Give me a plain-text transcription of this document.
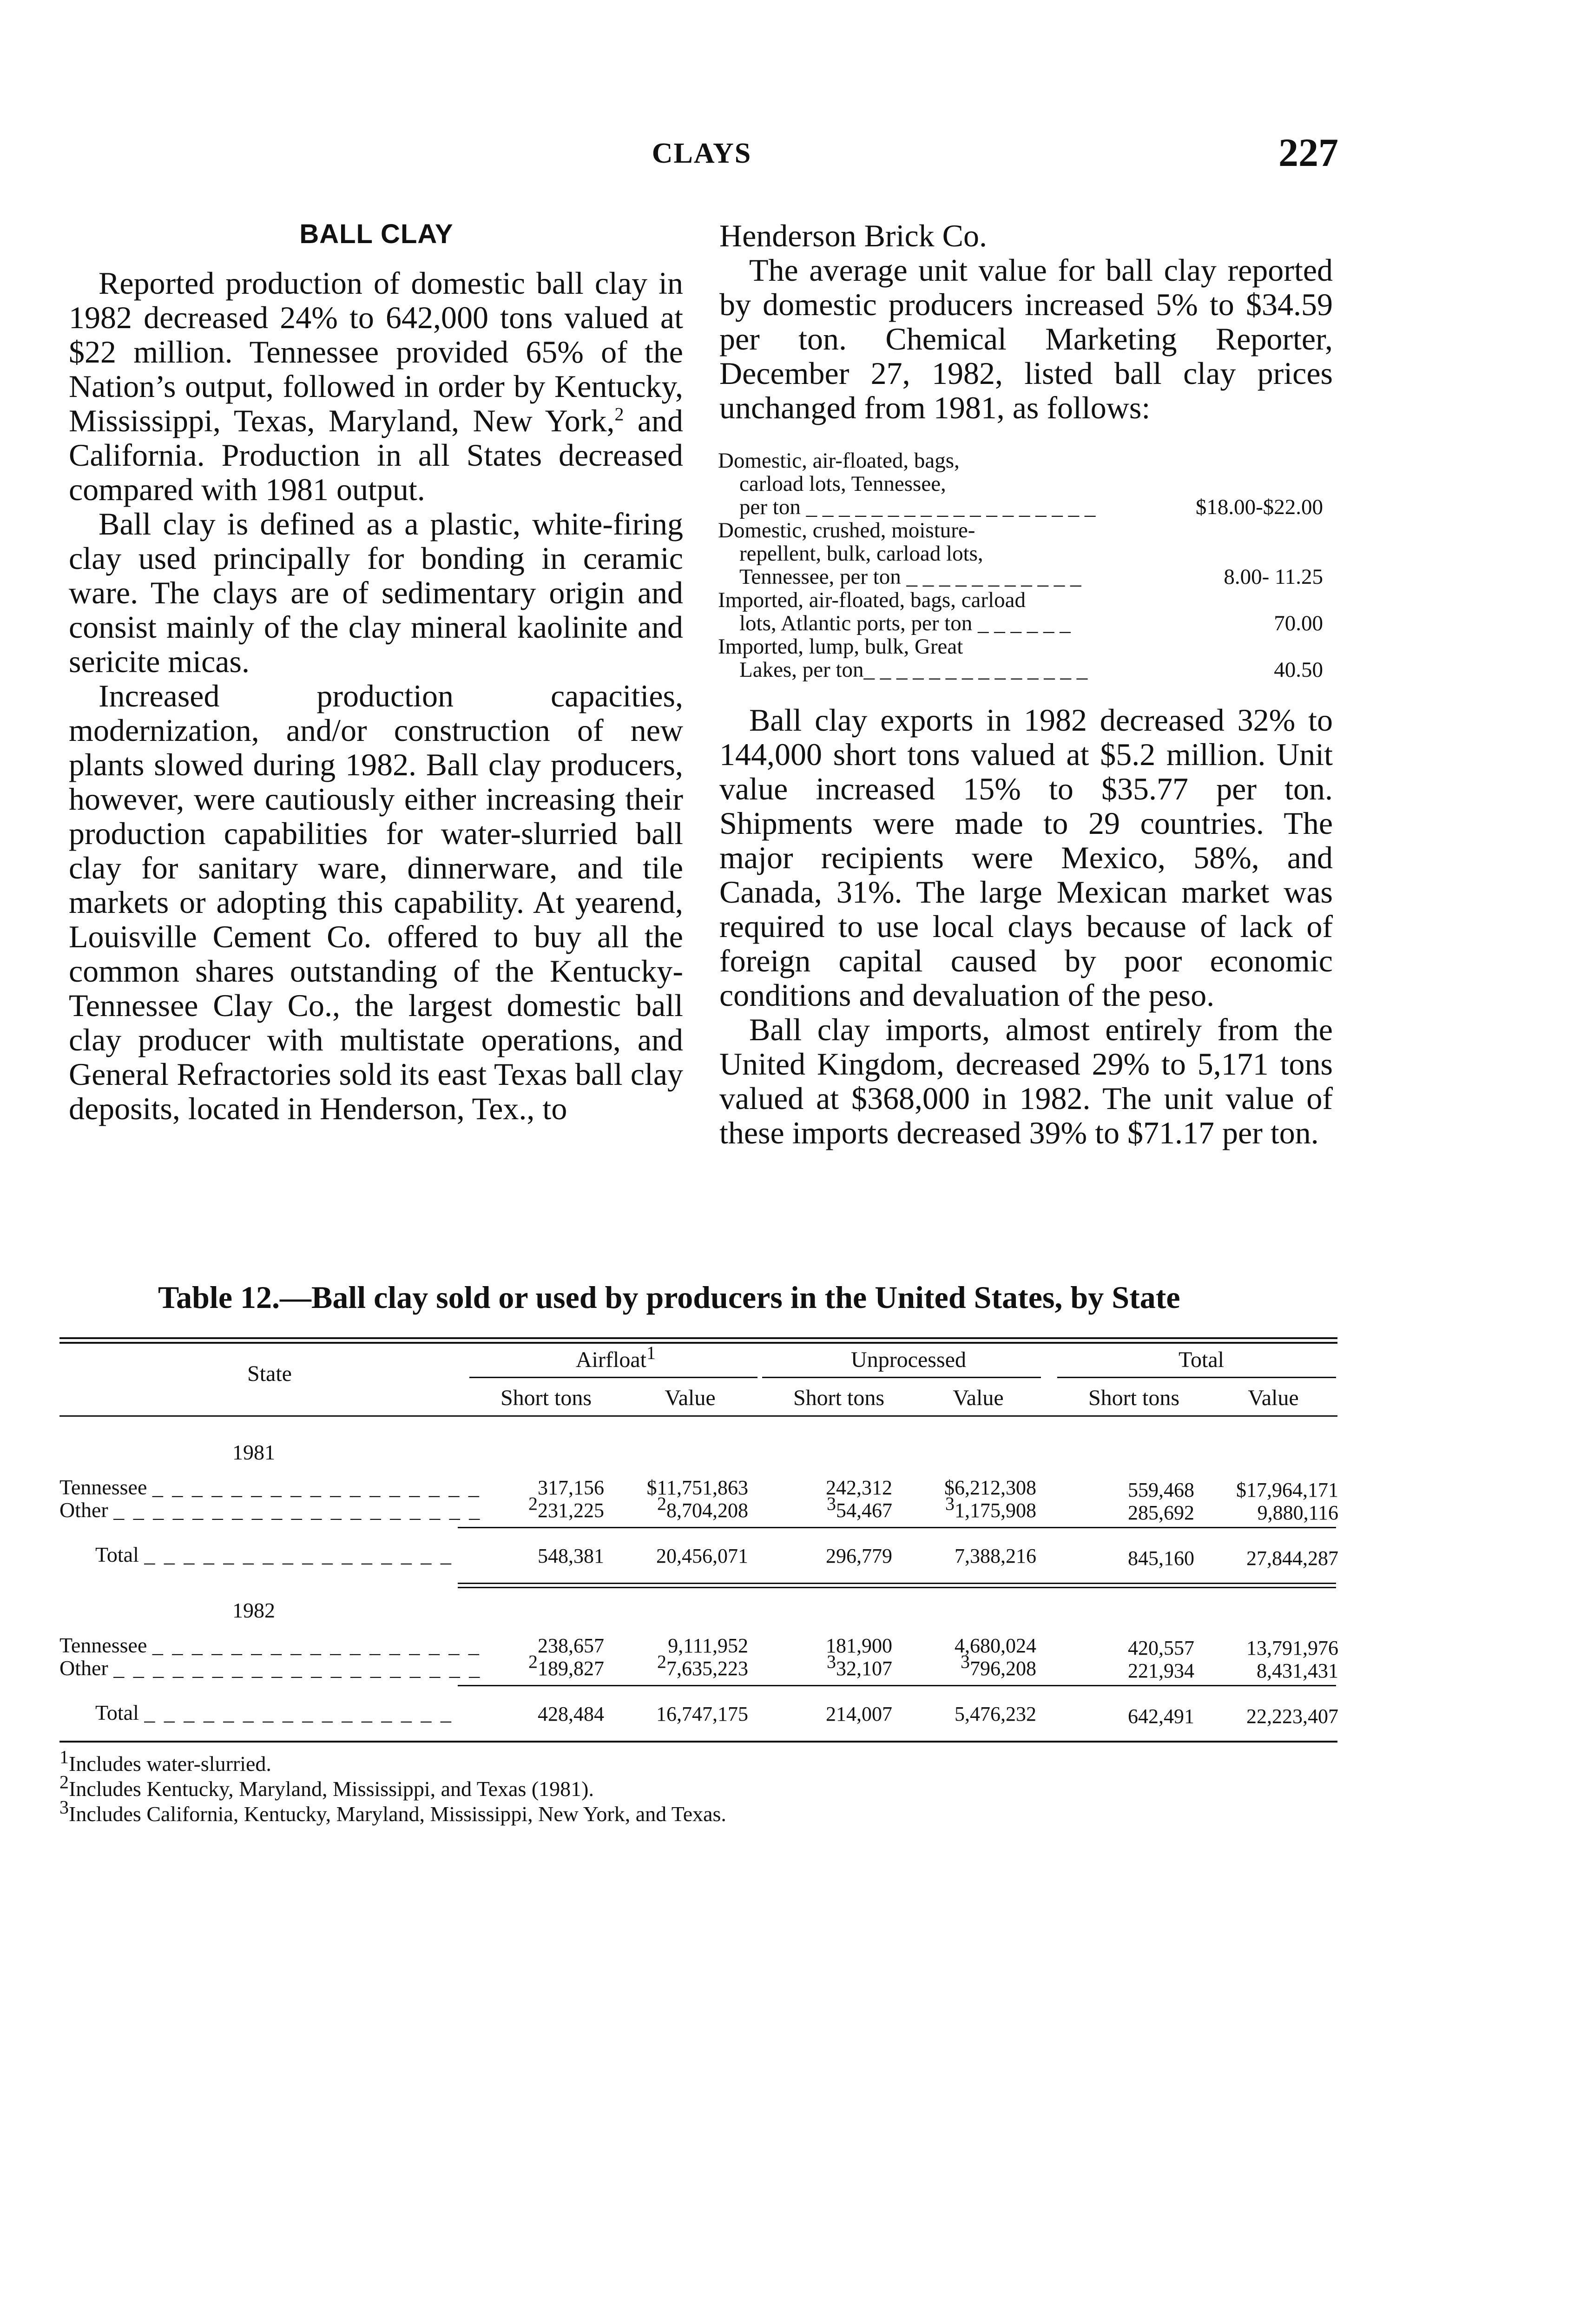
CLAYS	227
BALL CLAY

Reported production of domestic ball clay in 1982 decreased 24% to 642,000 tons valued at $22 million. Tennessee provided 65% of the Nation’s output, followed in order by Kentucky, Mississippi, Texas, Maryland, New York,$^2$ and California. Production in all States decreased compared with 1981 output.

Ball clay is defined as a plastic, white-firing clay used principally for bonding in ceramic ware. The clays are of sedimentary origin and consist mainly of the clay mineral kaolinite and sericite micas.

Increased production capacities, modernization, and/or construction of new plants slowed during 1982. Ball clay producers, however, were cautiously either increasing their production capabilities for water-slurried ball clay for sanitary ware, dinnerware, and tile markets or adopting this capability. At yearend, Louisville Cement Co. offered to buy all the common shares outstanding of the Kentucky-Tennessee Clay Co., the largest domestic ball clay producer with multistate operations, and General Refractories sold its east Texas ball clay deposits, located in Henderson, Tex., to

Henderson Brick Co.

The average unit value for ball clay reported by domestic producers increased 5% to $34.59 per ton. Chemical Marketing Reporter, December 27, 1982, listed ball clay prices unchanged from 1981, as follows:

Domestic, air-floated, bags,
carload lots, Tennessee,
per ton _ _ _ _ _ _ _ _ _ _ _ _ _ _ _ _ _ _	$18.00-$22.00
Domestic, crushed, moisture-
repellent, bulk, carload lots,
Tennessee, per ton _ _ _ _ _ _ _ _ _ _ _	8.00- 11.25
Imported, air-floated, bags, carload
lots, Atlantic ports, per ton _ _ _ _ _ _	70.00
Imported, lump, bulk, Great
Lakes, per ton_ _ _ _ _ _ _ _ _ _ _ _ _ _	40.50

Ball clay exports in 1982 decreased 32% to 144,000 short tons valued at $5.2 million. Unit value increased 15% to $35.77 per ton. Shipments were made to 29 countries. The major recipients were Mexico, 58%, and Canada, 31%. The large Mexican market was required to use local clays because of lack of foreign capital caused by poor economic conditions and devaluation of the peso.

Ball clay imports, almost entirely from the United Kingdom, decreased 29% to 5,171 tons valued at $368,000 in 1982. The unit value of these imports decreased 39% to $71.17 per ton.

Table 12.—Ball clay sold or used by producers in the United States, by State
State
Airfloat$^1$	Unprocessed	Total
Short tons	Value	Short tons	Value	Short tons	Value
1981
Tennessee _ _ _ _ _ _ _ _ _ _ _ _ _ _ _ _ _	317,156	$11,751,863	242,312	$6,212,308	559,468	$17,964,171
Other _ _ _ _ _ _ _ _ _ _ _ _ _ _ _ _ _ _ _	$^2$231,225	$^2$8,704,208	$^3$54,467	$^3$1,175,908	285,692	9,880,116
Total _ _ _ _ _ _ _ _ _ _ _ _ _ _ _ _	548,381	20,456,071	296,779	7,388,216	845,160	27,844,287
1982
Tennessee _ _ _ _ _ _ _ _ _ _ _ _ _ _ _ _ _	238,657	9,111,952	181,900	4,680,024	420,557	13,791,976
Other _ _ _ _ _ _ _ _ _ _ _ _ _ _ _ _ _ _ _	$^2$189,827	$^2$7,635,223	$^3$32,107	$^3$796,208	221,934	8,431,431
Total _ _ _ _ _ _ _ _ _ _ _ _ _ _ _ _	428,484	16,747,175	214,007	5,476,232	642,491	22,223,407
$^1$Includes water-slurried.
$^2$Includes Kentucky, Maryland, Mississippi, and Texas (1981).
$^3$Includes California, Kentucky, Maryland, Mississippi, New York, and Texas.
